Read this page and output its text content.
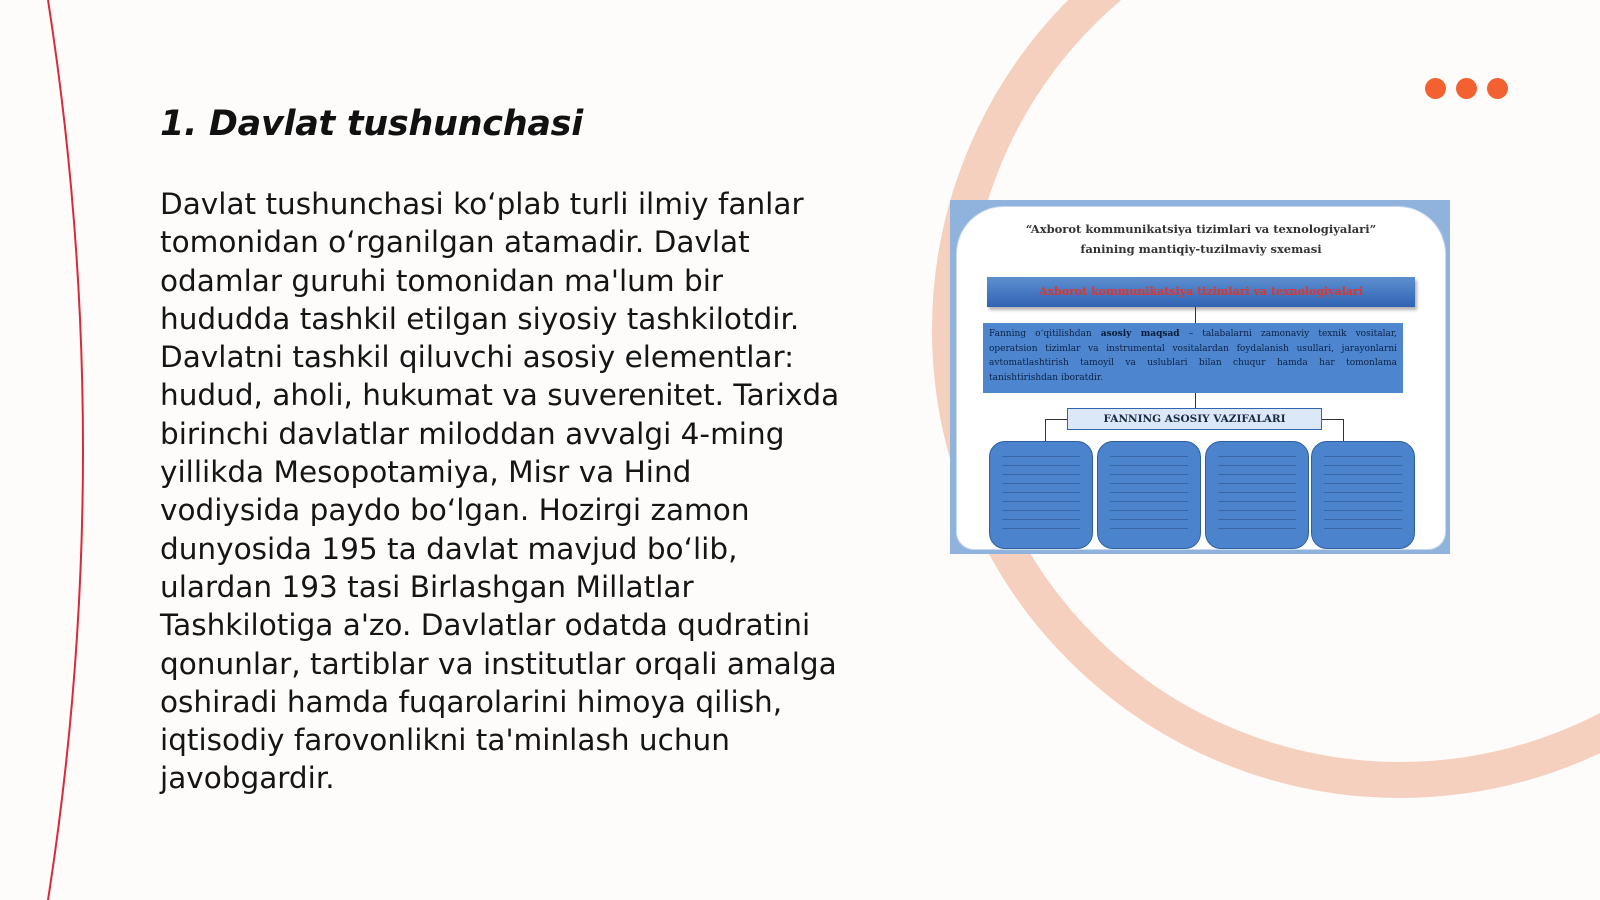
1. Davlat tushunchasi

Davlat tushunchasi ko‘plab turli ilmiy fanlar tomonidan o‘rganilgan atamadir. Davlat odamlar guruhi tomonidan ma'lum bir hududda tashkil etilgan siyosiy tashkilotdir. Davlatni tashkil qiluvchi asosiy elementlar: hudud, aholi, hukumat va suverenitet. Tarixda birinchi davlatlar miloddan avvalgi 4-ming yillikda Mesopotamiya, Misr va Hind vodiysida paydo bo‘lgan. Hozirgi zamon dunyosida 195 ta davlat mavjud bo‘lib, ulardan 193 tasi Birlashgan Millatlar Tashkilotiga a'zo. Davlatlar odatda qudratini qonunlar, tartiblar va institutlar orqali amalga oshiradi hamda fuqarolarini himoya qilish, iqtisodiy farovonlikni ta'minlash uchun javobgardir.

“Axborot kommunikatsiya tizimlari va texnologiyalari”
fanining mantiqiy-tuzilmaviy sxemasi
Axborot kommunikatsiya tizimlari va texnologiyalari
Fanning o‘qitilishdan asosiy maqsad – talabalarni zamonaviy texnik vositalar, operatsion tizimlar va instrumental vositalardan foydalanish usullari, jarayonlarni avtomatlashtirish tamoyil va uslublari bilan chuqur hamda har tomonlama tanishtirishdan iboratdir.
FANNING ASOSIY VAZIFALARI
